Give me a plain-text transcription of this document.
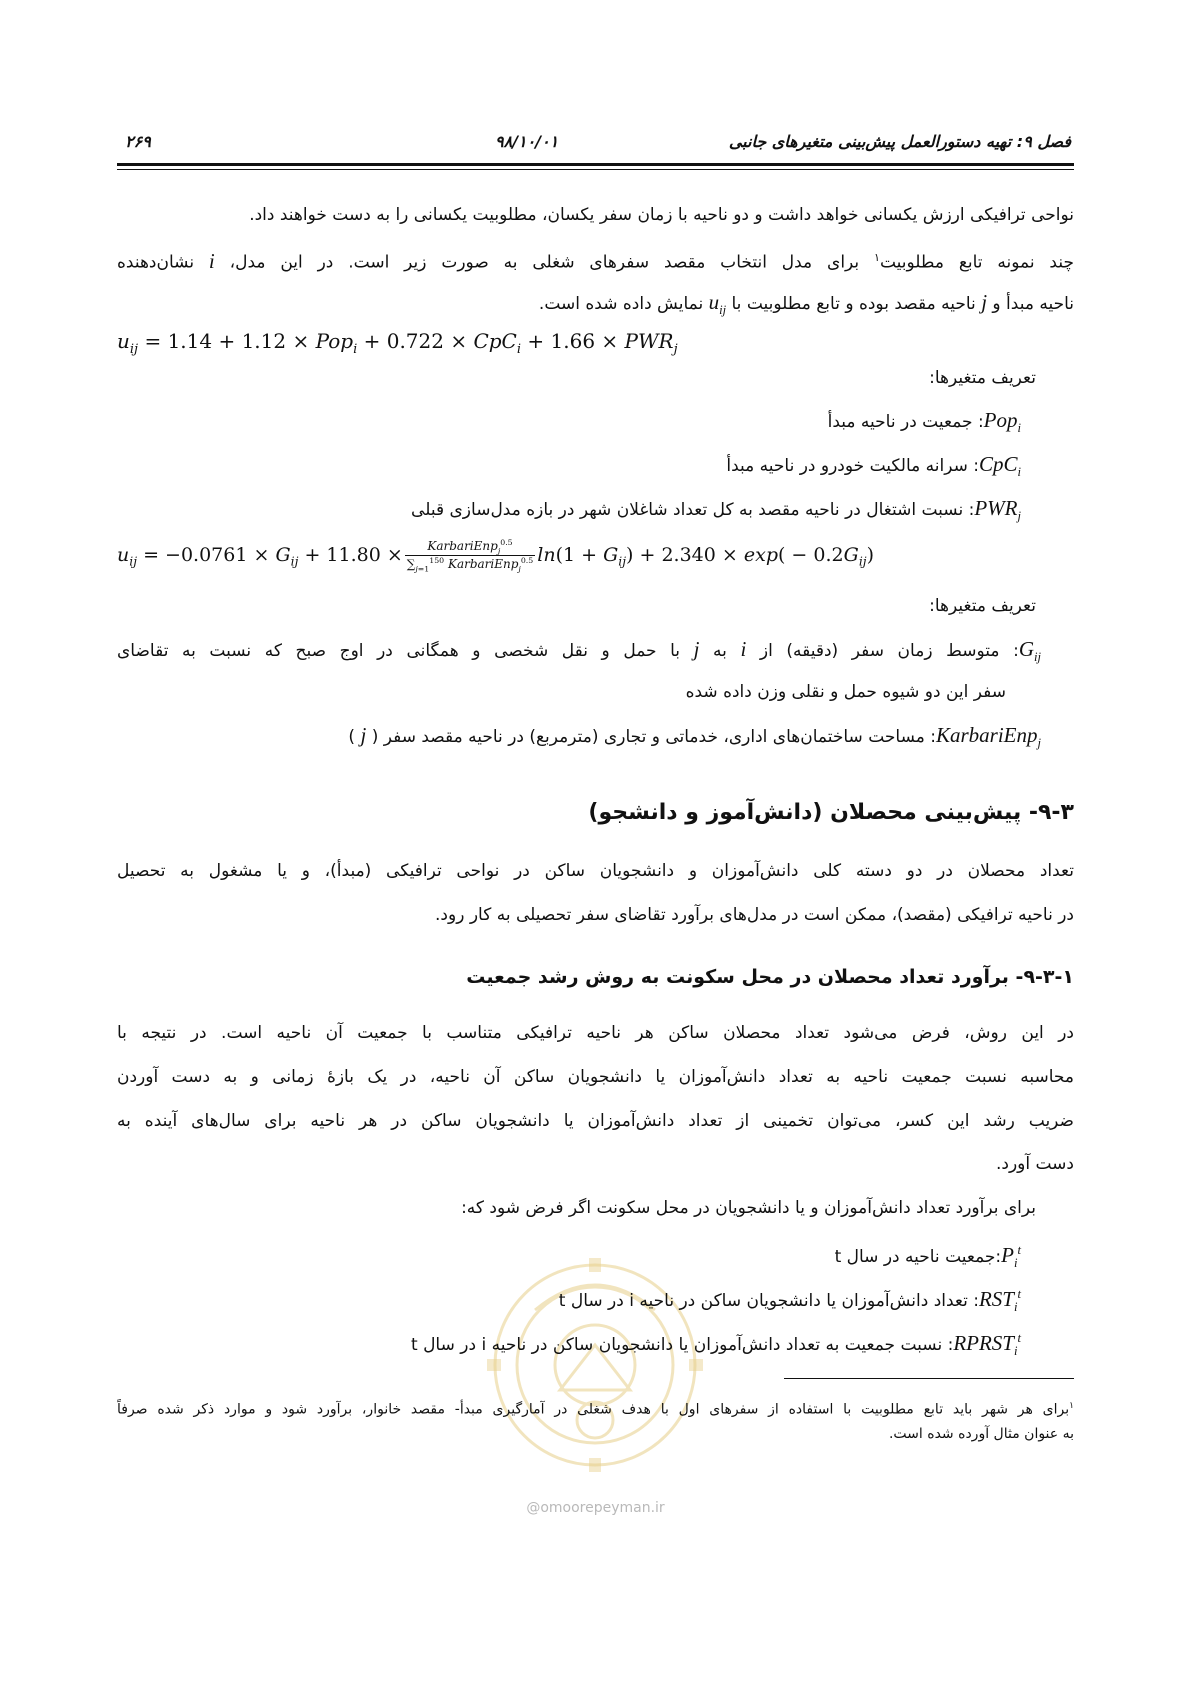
فصل ۹: تهیه دستورالعمل پیش‌بینی متغیرهای جانبی
۹۸/۱۰/۰۱
۲۶۹
@omoorepeyman.ir
نواحی ترافیکی ارزش یکسانی خواهد داشت و دو ناحیه با زمان سفر یکسان، مطلوبیت یکسانی را به دست خواهند داد.
چند نمونه تابع مطلوبیت$^۱$ برای مدل انتخاب مقصد سفرهای شغلی به صورت زیر است. در این مدل، i نشان‌دهنده
ناحیه مبدأ و j ناحیه مقصد بوده و تابع مطلوبیت با $u_{ij}$ نمایش داده شده است.
$u_{ij} = 1.14 + 1.12 \times Pop_i + 0.722 \times CpC_i + 1.66 \times PWR_j$
تعریف متغیرها:
Pop$_i$: جمعیت در ناحیه مبدأ
CpC$_i$: سرانه مالکیت خودرو در ناحیه مبدأ
$PWR_j$: نسبت اشتغال در ناحیه مقصد به کل تعداد شاغلان شهر در بازه مدل‌سازی قبلی
$u_{ij} = -0.0761 \times G_{ij} + 11.80 \times \frac{KarbariEnp_j^{0.5}}{\sum_{j=1}^{150} KarbariEnp_j^{0.5}} \ln(1 + G_{ij}) + 2.340 \times \exp( - 0.2G_{ij})$
تعریف متغیرها:
$G_{ij}$: متوسط زمان سفر (دقیقه) از i به j با حمل و نقل شخصی و همگانی در اوج صبح که نسبت به تقاضای
سفر این دو شیوه حمل و نقلی وزن داده شده
KarbariEnp$_j$: مساحت ساختمان‌های اداری، خدماتی و تجاری (مترمربع) در ناحیه مقصد سفر ( j )
۹-۳- پیش‌بینی محصلان (دانش‌آموز و دانشجو)
تعداد محصلان در دو دسته کلی دانش‌آموزان و دانشجویان ساکن در نواحی ترافیکی (مبدأ)، و یا مشغول به تحصیل
در ناحیه ترافیکی (مقصد)، ممکن است در مدل‌های برآورد تقاضای سفر تحصیلی به کار رود.
۹-۳-۱- برآورد تعداد محصلان در محل سکونت به روش رشد جمعیت
در این روش، فرض می‌شود تعداد محصلان ساکن هر ناحیه ترافیکی متناسب با جمعیت آن ناحیه است. در نتیجه با
محاسبه نسبت جمعیت ناحیه به تعداد دانش‌آموزان یا دانشجویان ساکن آن ناحیه، در یک بازهٔ زمانی و به دست آوردن
ضریب رشد این کسر، می‌توان تخمینی از تعداد دانش‌آموزان یا دانشجویان ساکن در هر ناحیه برای سال‌های آینده به
دست آورد.
برای برآورد تعداد دانش‌آموزان و یا دانشجویان در محل سکونت اگر فرض شود که:
$P_i^t:جمعیت$ ناحیه در سال t
$RST_i^t$: تعداد دانش‌آموزان یا دانشجویان ساکن در ناحیه i در سال t
$RPRST_i^t$: نسبت جمعیت به تعداد دانش‌آموزان یا دانشجویان ساکن در ناحیه i در سال t
$^۱$برای هر شهر باید تابع مطلوبیت با استفاده از سفرهای اول با هدف شغلی در آمارگیری مبدأ- مقصد خانوار، برآورد شود و موارد ذکر شده صرفاً
به عنوان مثال آورده شده است.
